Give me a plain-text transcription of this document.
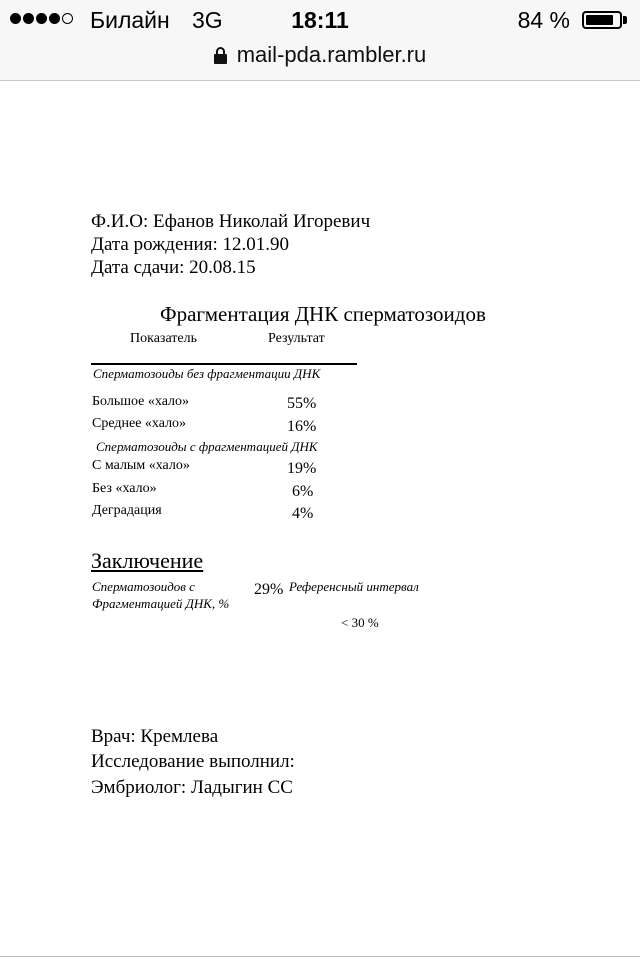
Билайн 3G	18:11	84 %
mail-pda.rambler.ru
Ф.И.О: Ефанов Николай Игоревич
Дата рождения: 12.01.90
Дата сдачи: 20.08.15
Фрагментация ДНК сперматозоидов
Показатель	Результат
Сперматозоиды без фрагментации ДНК
Большое «хало»	55%
Среднее «хало»	16%
Сперматозоиды с фрагментацией ДНК
С малым «хало»	19%
Без «хало»	6%
Деградация	4%
Заключение
Сперматозоидов с
Фрагментацией ДНК, %
29% Референсный интервал
< 30 %
Врач: Кремлева
Исследование выполнил:
Эмбриолог: Ладыгин СС
